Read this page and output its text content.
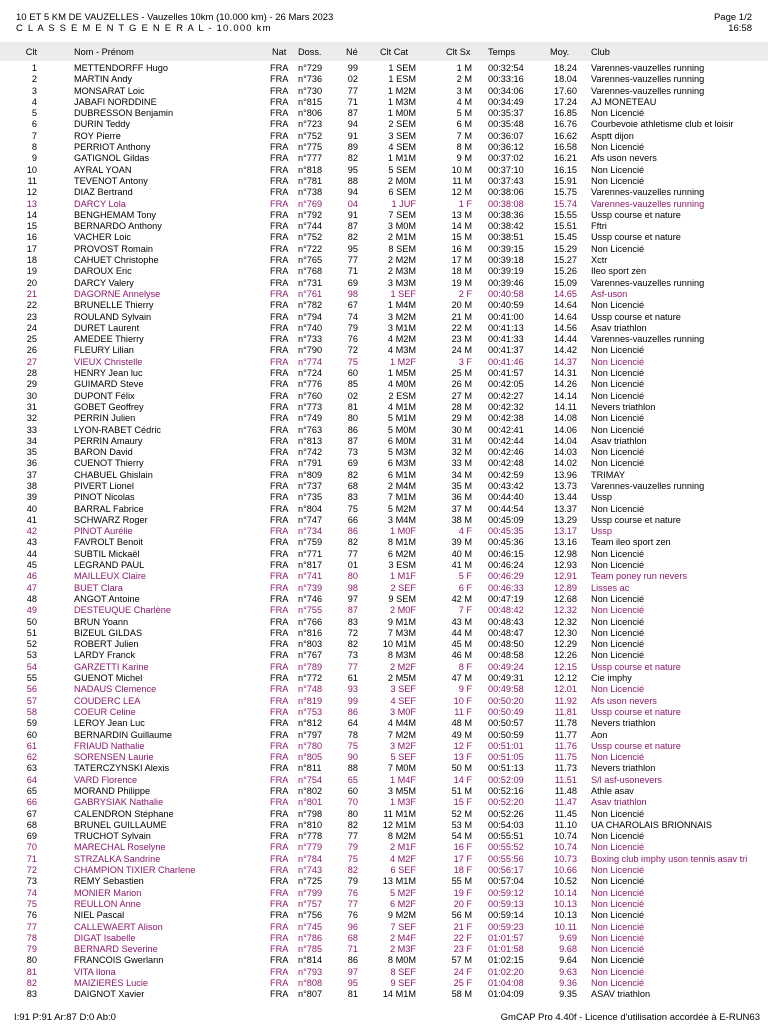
10 ET 5 KM DE VAUZELLES - Vauzelles 10km (10.000 km) - 26 Mars 2023
C L A S S E M E N T G E N E R A L - 10.000 km
Page 1/2
16:58
Clt	Nom - Prénom	Nat	Doss.	Né	Clt Cat	Clt Sx	Temps	Moy.	Club
1	METTENDORFF Hugo	FRA	n°729	99	1 SEM	1 M 00:32:54	18.24 Varennes-vauzelles running
2	MARTIN Andy	FRA	n°736	02	1 ESM	2 M 00:33:16	18.04 Varennes-vauzelles running
3	MONSARAT Loic	FRA	n°730	77	1 M2M	3 M 00:34:06	17.60 Varennes-vauzelles running
4	JABAFI NORDDINE	FRA	n°815	71	1 M3M	4 M 00:34:49	17.24 AJ MONETEAU
5	DUBRESSON Benjamin	FRA	n°806	87	1 M0M	5 M 00:35:37	16.85 Non Licencié
6	DURIN Teddy	FRA	n°723	94	2 SEM	6 M 00:35:48	16.76 Courbevoie athletisme club et loisir
7	ROY Pierre	FRA	n°752	91	3 SEM	7 M 00:36:07	16.62 Asptt dijon
8	PERRIOT Anthony	FRA	n°775	89	4 SEM	8 M 00:36:12	16.58 Non Licencié
9	GATIGNOL Gildas	FRA	n°777	82	1 M1M	9 M 00:37:02	16.21 Afs uson nevers
10	AYRAL YOAN	FRA	n°818	95	5 SEM	10 M 00:37:10	16.15 Non Licencié
11	TEVENOT Antony	FRA	n°781	88	2 M0M	11 M 00:37:43	15.91 Non Licencié
12	DIAZ Bertrand	FRA	n°738	94	6 SEM	12 M 00:38:06	15.75 Varennes-vauzelles running
13	DARCY Lola	FRA	n°769	04	1 JUF	1 F 00:38:08	15.74 Varennes-vauzelles running
14	BENGHEMAM Tony	FRA	n°792	91	7 SEM	13 M 00:38:36	15.55 Ussp course et nature
15	BERNARDO Anthony	FRA	n°744	87	3 M0M	14 M 00:38:42	15.51 Fftri
16	VACHER Loic	FRA	n°752	82	2 M1M	15 M 00:38:51	15.45 Ussp course et nature
17	PROVOST Romain	FRA	n°722	95	8 SEM	16 M 00:39:15	15.29 Non Licencié
18	CAHUET Christophe	FRA	n°765	77	2 M2M	17 M 00:39:18	15.27 Xctr
19	DAROUX Eric	FRA	n°768	71	2 M3M	18 M 00:39:19	15.26 Ileo sport zen
20	DARCY Valery	FRA	n°731	69	3 M3M	19 M 00:39:46	15.09 Varennes-vauzelles running
21	DAGORNE Annelyse	FRA	n°761	98	1 SEF	2 F 00:40:58	14.65 Asf-uson
22	BRUNELLE Thierry	FRA	n°782	67	1 M4M	20 M 00:40:59	14.64 Non Licencié
23	ROULAND Sylvain	FRA	n°794	74	3 M2M	21 M 00:41:00	14.64 Ussp course et nature
24	DURET Laurent	FRA	n°740	79	3 M1M	22 M 00:41:13	14.56 Asav triathlon
25	AMEDEE Thierry	FRA	n°733	76	4 M2M	23 M 00:41:33	14.44 Varennes-vauzelles running
26	FLEURY Lilian	FRA	n°790	72	4 M3M	24 M 00:41:37	14.42 Non Licencié
27	VIEUX Christelle	FRA	n°774	75	1 M2F	3 F 00:41:46	14.37 Non Licencié
28	HENRY Jean luc	FRA	n°724	60	1 M5M	25 M 00:41:57	14.31 Non Licencié
29	GUIMARD Steve	FRA	n°776	85	4 M0M	26 M 00:42:05	14.26 Non Licencié
30	DUPONT Félix	FRA	n°760	02	2 ESM	27 M 00:42:27	14.14 Non Licencié
31	GOBET Geoffrey	FRA	n°773	81	4 M1M	28 M 00:42:32	14.11 Nevers triathlon
32	PERRIN Julien	FRA	n°749	80	5 M1M	29 M 00:42:38	14.08 Non Licencié
33	LYON-RABET Cédric	FRA	n°763	86	5 M0M	30 M 00:42:41	14.06 Non Licencié
34	PERRIN Amaury	FRA	n°813	87	6 M0M	31 M 00:42:44	14.04 Asav triathlon
35	BARON David	FRA	n°742	73	5 M3M	32 M 00:42:46	14.03 Non Licencié
36	CUENOT Thierry	FRA	n°791	69	6 M3M	33 M 00:42:48	14.02 Non Licencié
37	CHABUEL Ghislain	FRA	n°809	82	6 M1M	34 M 00:42:59	13.96 TRIMAY
38	PIVERT Lionel	FRA	n°737	68	2 M4M	35 M 00:43:42	13.73 Varennes-vauzelles running
39	PINOT Nicolas	FRA	n°735	83	7 M1M	36 M 00:44:40	13.44 Ussp
40	BARRAL Fabrice	FRA	n°804	75	5 M2M	37 M 00:44:54	13.37 Non Licencié
41	SCHWARZ Roger	FRA	n°747	66	3 M4M	38 M 00:45:09	13.29 Ussp course et nature
42	PINOT Aurélie	FRA	n°734	86	1 M0F	4 F 00:45:35	13.17 Ussp
43	FAVROLT Benoit	FRA	n°759	82	8 M1M	39 M 00:45:36	13.16 Team ileo sport zen
44	SUBTIL Mickaël	FRA	n°771	77	6 M2M	40 M 00:46:15	12.98 Non Licencié
45	LEGRAND PAUL	FRA	n°817	01	3 ESM	41 M 00:46:24	12.93 Non Licencié
46	MAILLEUX Claire	FRA	n°741	80	1 M1F	5 F 00:46:29	12.91 Team poney run nevers
47	BUET Clara	FRA	n°739	98	2 SEF	6 F 00:46:33	12.89 Lisses ac
48	ANGOT Antoine	FRA	n°746	97	9 SEM	42 M 00:47:19	12.68 Non Licencié
49	DESTEUQUE Charlène	FRA	n°755	87	2 M0F	7 F 00:48:42	12.32 Non Licencié
50	BRUN Yoann	FRA	n°766	83	9 M1M	43 M 00:48:43	12.32 Non Licencié
51	BIZEUL GILDAS	FRA	n°816	72	7 M3M	44 M 00:48:47	12.30 Non Licencié
52	ROBERT Julien	FRA	n°803	82	10 M1M	45 M 00:48:50	12.29 Non Licencié
53	LARDY Franck	FRA	n°767	73	8 M3M	46 M 00:48:58	12.26 Non Licencié
54	GARZETTI Karine	FRA	n°789	77	2 M2F	8 F 00:49:24	12.15 Ussp course et nature
55	GUENOT Michel	FRA	n°772	61	2 M5M	47 M 00:49:31	12.12 Cie imphy
56	NADAUS Clemence	FRA	n°748	93	3 SEF	9 F 00:49:58	12.01 Non Licencié
57	COUDERC LEA	FRA	n°819	99	4 SEF	10 F 00:50:20	11.92 Afs uson nevers
58	COEUR Celine	FRA	n°753	86	3 M0F	11 F 00:50:49	11.81 Ussp course et nature
59	LEROY Jean Luc	FRA	n°812	64	4 M4M	48 M 00:50:57	11.78 Nevers triathlon
60	BERNARDIN Guillaume	FRA	n°797	78	7 M2M	49 M 00:50:59	11.77 Aon
61	FRIAUD Nathalie	FRA	n°780	75	3 M2F	12 F 00:51:01	11.76 Ussp course et nature
62	SORENSEN Laurie	FRA	n°805	90	5 SEF	13 F 00:51:05	11.75 Non Licencié
63	TATERCZYNSKI Alexis	FRA	n°811	88	7 M0M	50 M 00:51:13	11.73 Nevers triathlon
64	VARD Florence	FRA	n°754	65	1 M4F	14 F 00:52:09	11.51 S/l asf-usonevers
65	MORAND Philippe	FRA	n°802	60	3 M5M	51 M 00:52:16	11.48 Athle asav
66	GABRYSIAK Nathalie	FRA	n°801	70	1 M3F	15 F 00:52:20	11.47 Asav triathlon
67	CALENDRON Stéphane	FRA	n°798	80	11 M1M	52 M 00:52:26	11.45 Non Licencié
68	BRUNEL GUILLAUME	FRA	n°810	82	12 M1M	53 M 00:54:03	11.10 UA CHAROLAIS BRIONNAIS
69	TRUCHOT Sylvain	FRA	n°778	77	8 M2M	54 M 00:55:51	10.74 Non Licencié
70	MARECHAL Roselyne	FRA	n°779	79	2 M1F	16 F 00:55:52	10.74 Non Licencié
71	STRZALKA Sandrine	FRA	n°784	75	4 M2F	17 F 00:55:56	10.73 Boxing club imphy uson tennis asav tri
72	CHAMPION TIXIER Charlene	FRA	n°743	82	6 SEF	18 F 00:56:17	10.66 Non Licencié
73	REMY Sebastien	FRA	n°725	79	13 M1M	55 M 00:57:04	10.52 Non Licencié
74	MONIER Marion	FRA	n°799	76	5 M2F	19 F 00:59:12	10.14 Non Licencié
75	REULLON Anne	FRA	n°757	77	6 M2F	20 F 00:59:13	10.13 Non Licencié
76	NIEL Pascal	FRA	n°756	76	9 M2M	56 M 00:59:14	10.13 Non Licencié
77	CALLEWAERT Alison	FRA	n°745	96	7 SEF	21 F 00:59:23	10.11 Non Licencié
78	DIGAT Isabelle	FRA	n°786	68	2 M4F	22 F 01:01:57	9.69 Non Licencié
79	BERNARD Severine	FRA	n°785	71	2 M3F	23 F 01:01:58	9.68 Non Licencié
80	FRANCOIS Gwerlann	FRA	n°814	86	8 M0M	57 M 01:02:15	9.64 Non Licencié
81	VITA Ilona	FRA	n°793	97	8 SEF	24 F 01:02:20	9.63 Non Licencié
82	MAIZIERES Lucie	FRA	n°808	95	9 SEF	25 F 01:04:08	9.36 Non Licencié
83	DAIGNOT Xavier	FRA	n°807	81	14 M1M	58 M 01:04:09	9.35 ASAV triathlon
I:91 P:91 Ar:87 D:0 Ab:0	GmCAP Pro 4.40f - Licence d'utilisation accordée à E-RUN63
